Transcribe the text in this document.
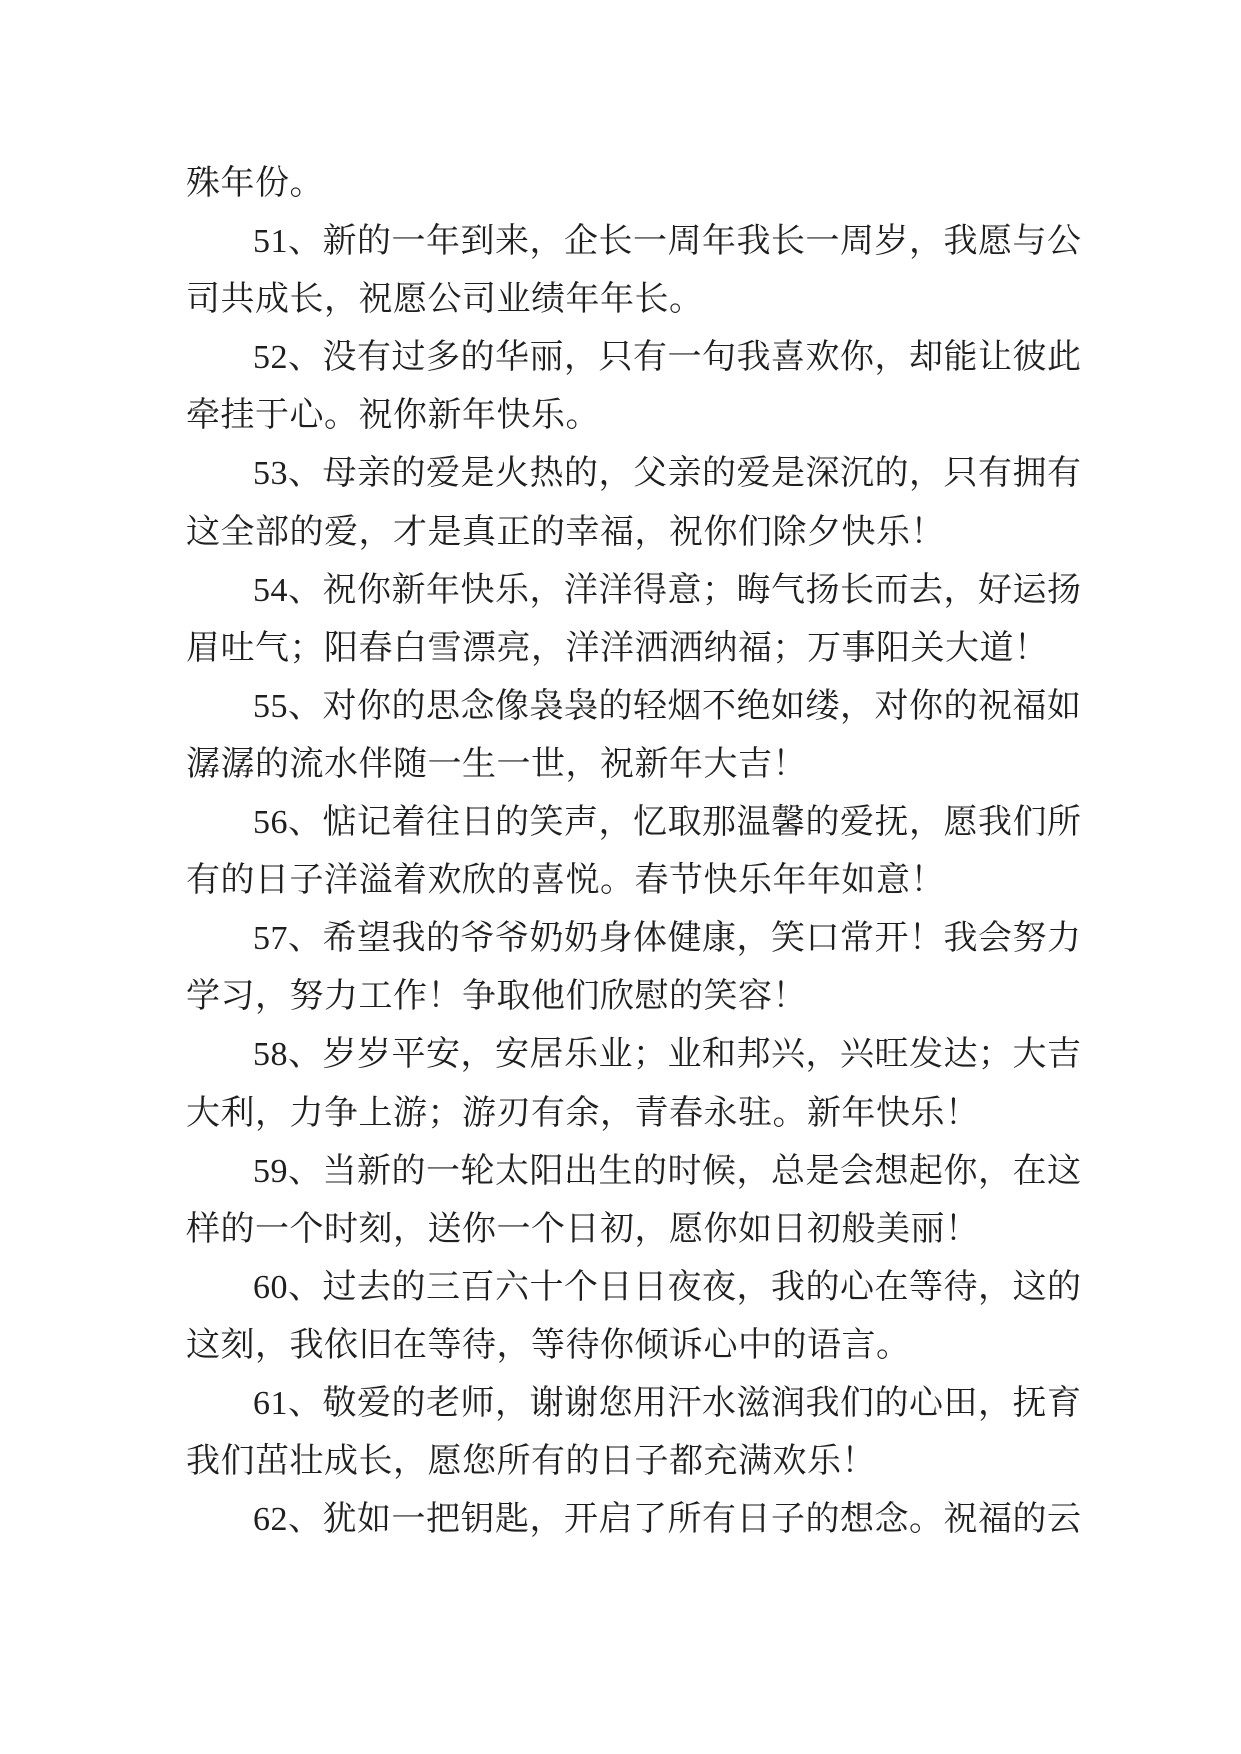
殊年份。
51、新的一年到来，企长一周年我长一周岁，我愿与公
司共成长，祝愿公司业绩年年长。
52、没有过多的华丽，只有一句我喜欢你，却能让彼此
牵挂于心。祝你新年快乐。
53、母亲的爱是火热的，父亲的爱是深沉的，只有拥有
这全部的爱，才是真正的幸福，祝你们除夕快乐！
54、祝你新年快乐，洋洋得意；晦气扬长而去，好运扬
眉吐气；阳春白雪漂亮，洋洋洒洒纳福；万事阳关大道！
55、对你的思念像袅袅的轻烟不绝如缕，对你的祝福如
潺潺的流水伴随一生一世，祝新年大吉！
56、惦记着往日的笑声，忆取那温馨的爱抚，愿我们所
有的日子洋溢着欢欣的喜悦。春节快乐年年如意！
57、希望我的爷爷奶奶身体健康，笑口常开！我会努力
学习，努力工作！争取他们欣慰的笑容！
58、岁岁平安，安居乐业；业和邦兴，兴旺发达；大吉
大利，力争上游；游刃有余，青春永驻。新年快乐！
59、当新的一轮太阳出生的时候，总是会想起你，在这
样的一个时刻，送你一个日初，愿你如日初般美丽！
60、过去的三百六十个日日夜夜，我的心在等待，这的
这刻，我依旧在等待，等待你倾诉心中的语言。
61、敬爱的老师，谢谢您用汗水滋润我们的心田，抚育
我们茁壮成长，愿您所有的日子都充满欢乐！
62、犹如一把钥匙，开启了所有日子的想念。祝福的云
